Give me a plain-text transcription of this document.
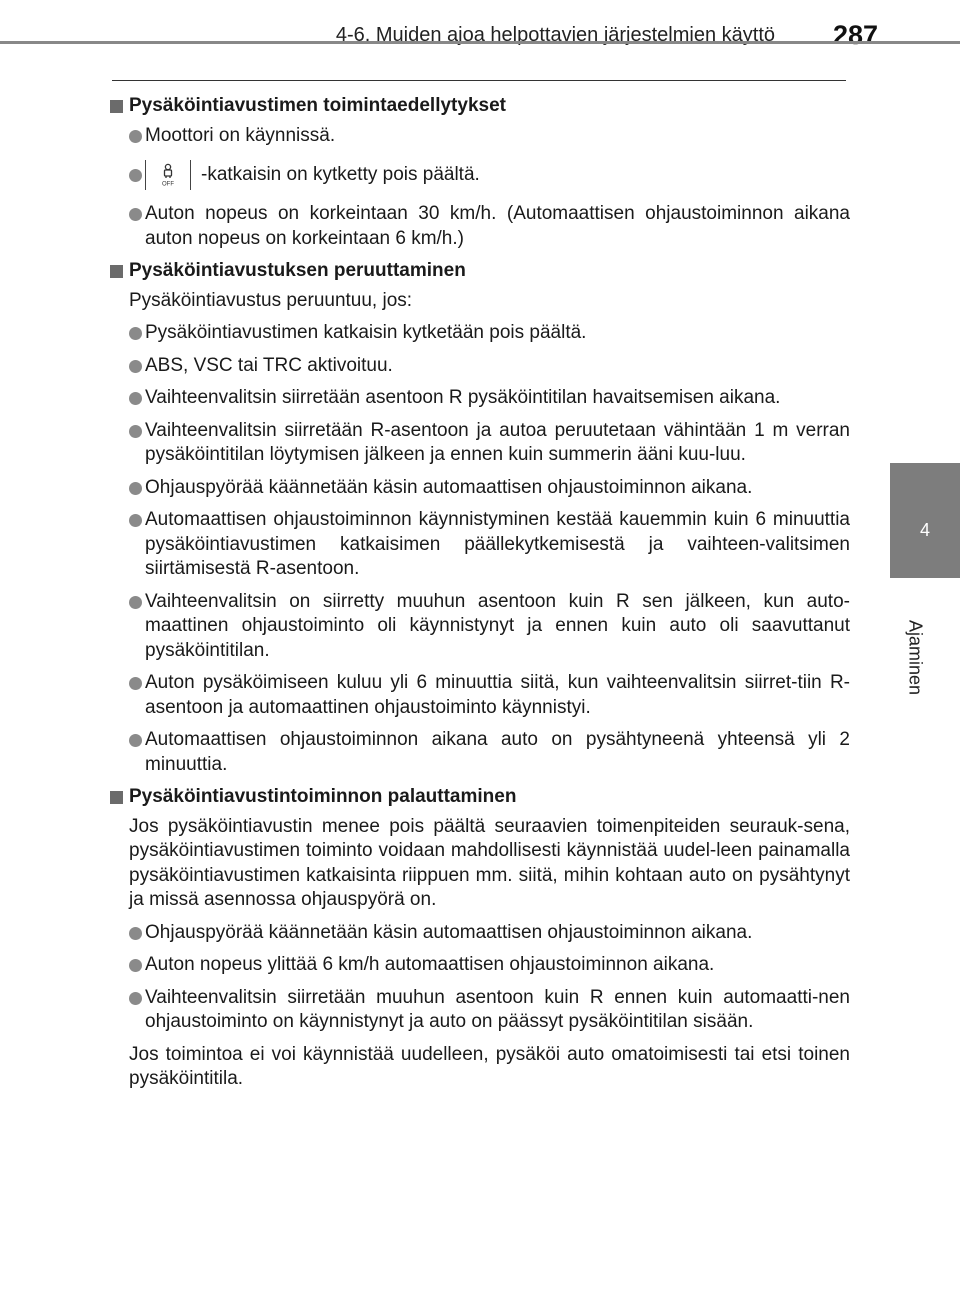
4-6. Muiden ajoa helpottavien järjestelmien käyttö	287
4
Ajaminen
Pysäköintiavustimen toimintaedellytykset
Moottori on käynnissä.
OFF -katkaisin on kytketty pois päältä.
Auton nopeus on korkeintaan 30 km/h. (Automaattisen ohjaustoiminnon aikana auton nopeus on korkeintaan 6 km/h.)
Pysäköintiavustuksen peruuttaminen
Pysäköintiavustus peruuntuu, jos:
Pysäköintiavustimen katkaisin kytketään pois päältä.
ABS, VSC tai TRC aktivoituu.
Vaihteenvalitsin siirretään asentoon R pysäköintitilan havaitsemisen aikana.
Vaihteenvalitsin siirretään R-asentoon ja autoa peruutetaan vähintään 1 m verran pysäköintitilan löytymisen jälkeen ja ennen kuin summerin ääni kuu-luu.
Ohjauspyörää käännetään käsin automaattisen ohjaustoiminnon aikana.
Automaattisen ohjaustoiminnon käynnistyminen kestää kauemmin kuin 6 minuuttia pysäköintiavustimen katkaisimen päällekytkemisestä ja vaihteen-valitsimen siirtämisestä R-asentoon.
Vaihteenvalitsin on siirretty muuhun asentoon kuin R sen jälkeen, kun auto-maattinen ohjaustoiminto oli käynnistynyt ja ennen kuin auto oli saavuttanut pysäköintitilan.
Auton pysäköimiseen kuluu yli 6 minuuttia siitä, kun vaihteenvalitsin siirret-tiin R-asentoon ja automaattinen ohjaustoiminto käynnistyi.
Automaattisen ohjaustoiminnon aikana auto on pysähtyneenä yhteensä yli 2 minuuttia.
Pysäköintiavustintoiminnon palauttaminen
Jos pysäköintiavustin menee pois päältä seuraavien toimenpiteiden seurauk-sena, pysäköintiavustimen toiminto voidaan mahdollisesti käynnistää uudel-leen painamalla pysäköintiavustimen katkaisinta riippuen mm. siitä, mihin kohtaan auto on pysähtynyt ja missä asennossa ohjauspyörä on.
Ohjauspyörää käännetään käsin automaattisen ohjaustoiminnon aikana.
Auton nopeus ylittää 6 km/h automaattisen ohjaustoiminnon aikana.
Vaihteenvalitsin siirretään muuhun asentoon kuin R ennen kuin automaatti-nen ohjaustoiminto on käynnistynyt ja auto on päässyt pysäköintitilan sisään.
Jos toimintoa ei voi käynnistää uudelleen, pysäköi auto omatoimisesti tai etsi toinen pysäköintitila.
